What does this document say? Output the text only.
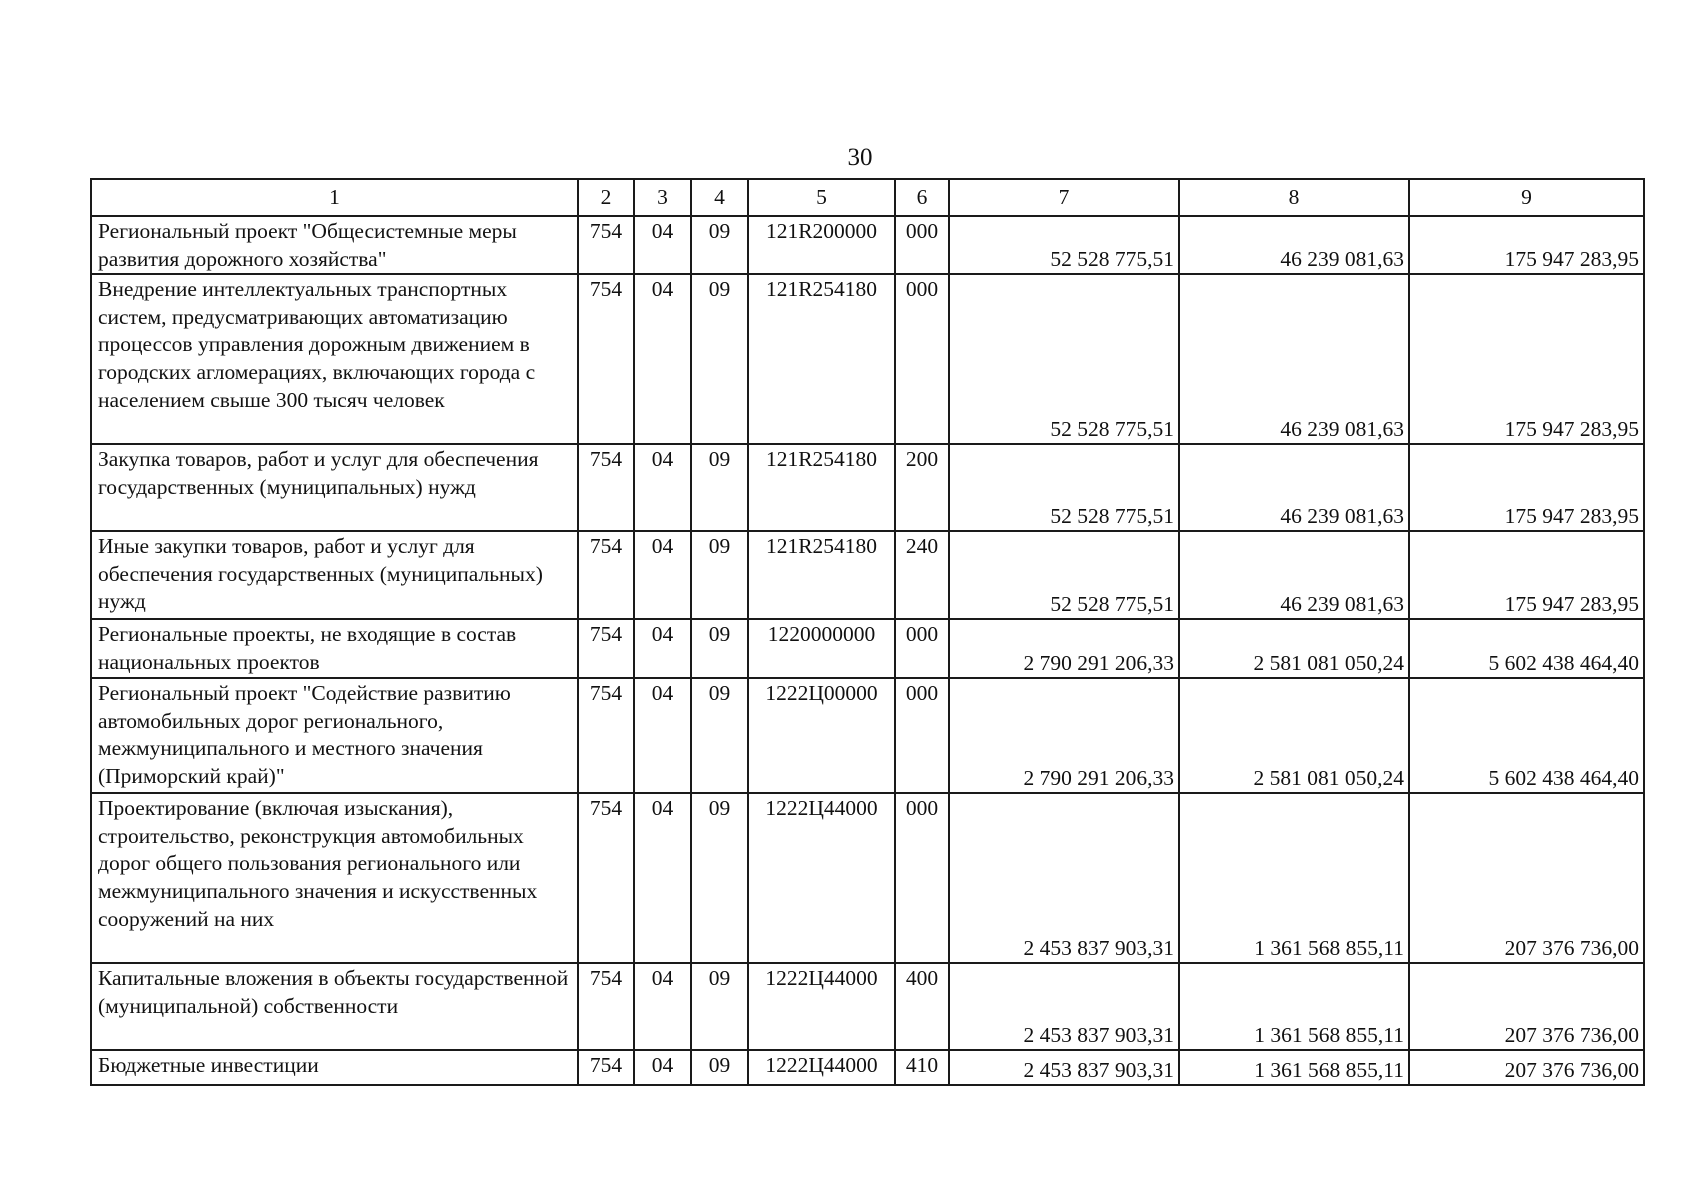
30
1	2	3	4	5	6	7	8	9
Региональный проект "Общесистемные меры развития дорожного хозяйства"	754	04	09	121R200000	000	52 528 775,51	46 239 081,63	175 947 283,95
Внедрение интеллектуальных транспортных систем, предусматривающих автоматизацию процессов управления дорожным движением в городских агломерациях, включающих города с населением свыше 300 тысяч человек	754	04	09	121R254180	000	52 528 775,51	46 239 081,63	175 947 283,95
Закупка товаров, работ и услуг для обеспечения государственных (муниципальных) нужд	754	04	09	121R254180	200	52 528 775,51	46 239 081,63	175 947 283,95
Иные закупки товаров, работ и услуг для обеспечения государственных (муниципальных) нужд	754	04	09	121R254180	240	52 528 775,51	46 239 081,63	175 947 283,95
Региональные проекты, не входящие в состав национальных проектов	754	04	09	1220000000	000	2 790 291 206,33	2 581 081 050,24	5 602 438 464,40
Региональный проект "Содействие развитию автомобильных дорог регионального, межмуниципального и местного значения (Приморский край)"	754	04	09	1222Ц00000	000	2 790 291 206,33	2 581 081 050,24	5 602 438 464,40
Проектирование (включая изыскания), строительство, реконструкция автомобильных дорог общего пользования регионального или межмуниципального значения и искусственных сооружений на них	754	04	09	1222Ц44000	000	2 453 837 903,31	1 361 568 855,11	207 376 736,00
Капитальные вложения в объекты государственной (муниципальной) собственности	754	04	09	1222Ц44000	400	2 453 837 903,31	1 361 568 855,11	207 376 736,00
Бюджетные инвестиции	754	04	09	1222Ц44000	410	2 453 837 903,31	1 361 568 855,11	207 376 736,00
